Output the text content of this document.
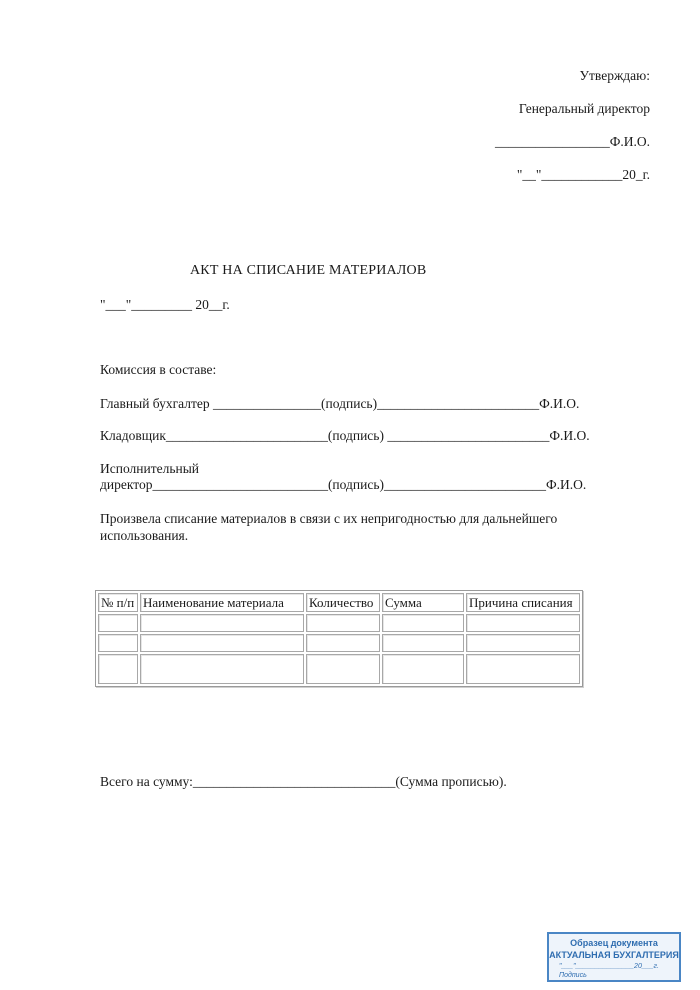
Утверждаю:
Генеральный директор
_________________Ф.И.О.
"__"____________20_г.
АКТ НА СПИСАНИЕ МАТЕРИАЛОВ
"___"_________ 20__г.
Комиссия в составе:
Главный бухгалтер ________________(подпись)________________________Ф.И.О.
Кладовщик________________________(подпись) ________________________Ф.И.О.
Исполнительный
директор__________________________(подпись)________________________Ф.И.О.
Произвела списание материалов в связи с их непригодностью для дальнейшего использования.
№ п/п	Наименование материала	Количество	Сумма	Причина списания

Всего на сумму:______________________________(Сумма прописью).
Образец документа
АКТУАЛЬНАЯ БУХГАЛТЕРИЯ
"___"_______________20___г.
Подпись
